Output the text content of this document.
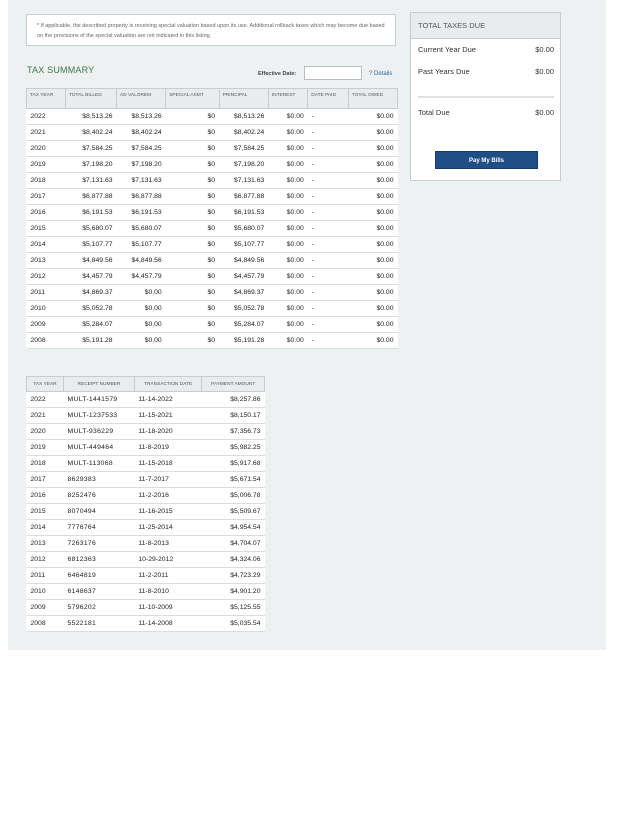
* If applicable, the described property is receiving special valuation based upon its use. Additional rollback taxes which may become due based on the provisions of the special valuation are not indicated in this listing.
TAX SUMMARY	Effective Date:	? Details
TAX YEAR	TOTAL BILLED	AD VALOREM	SPECIAL ASMT	PRINCIPAL	INTEREST	DATE PAID	TOTAL OWED
2022	$8,513.26	$8,513.26	$0	$8,513.26	$0.00	-	$0.00
2021	$8,402.24	$8,402.24	$0	$8,402.24	$0.00	-	$0.00
2020	$7,584.25	$7,584.25	$0	$7,584.25	$0.00	-	$0.00
2019	$7,198.20	$7,198.20	$0	$7,198.20	$0.00	-	$0.00
2018	$7,131.63	$7,131.63	$0	$7,131.63	$0.00	-	$0.00
2017	$6,877.88	$6,877.88	$0	$6,877.88	$0.00	-	$0.00
2016	$6,191.53	$6,191.53	$0	$6,191.53	$0.00	-	$0.00
2015	$5,680.07	$5,680.07	$0	$5,680.07	$0.00	-	$0.00
2014	$5,107.77	$5,107.77	$0	$5,107.77	$0.00	-	$0.00
2013	$4,849.56	$4,849.56	$0	$4,849.56	$0.00	-	$0.00
2012	$4,457.79	$4,457.79	$0	$4,457.79	$0.00	-	$0.00
2011	$4,869.37	$0.00	$0	$4,869.37	$0.00	-	$0.00
2010	$5,052.78	$0.00	$0	$5,052.78	$0.00	-	$0.00
2009	$5,284.07	$0.00	$0	$5,284.07	$0.00	-	$0.00
2008	$5,191.28	$0.00	$0	$5,191.28	$0.00	-	$0.00
TAX YEAR	RECEIPT NUMBER	TRANSACTION DATE	PAYMENT AMOUNT
2022	MULT-1441579	11-14-2022	$8,257.86
2021	MULT-1237533	11-15-2021	$8,150.17
2020	MULT-936229	11-18-2020	$7,356.73
2019	MULT-449464	11-8-2019	$5,982.25
2018	MULT-113068	11-15-2018	$5,917.68
2017	8629383	11-7-2017	$5,671.54
2016	8252476	11-2-2016	$5,006.78
2015	8070494	11-16-2015	$5,509.67
2014	7776764	11-25-2014	$4,954.54
2013	7263176	11-8-2013	$4,704.07
2012	6812363	10-29-2012	$4,324.06
2011	6464819	11-2-2011	$4,723.29
2010	6148637	11-8-2010	$4,901.20
2009	5796202	11-10-2009	$5,125.55
2008	5522181	11-14-2008	$5,035.54
TOTAL TAXES DUE
Current Year Due	$0.00
Past Years Due	$0.00
Total Due	$0.00
Pay My Bills
